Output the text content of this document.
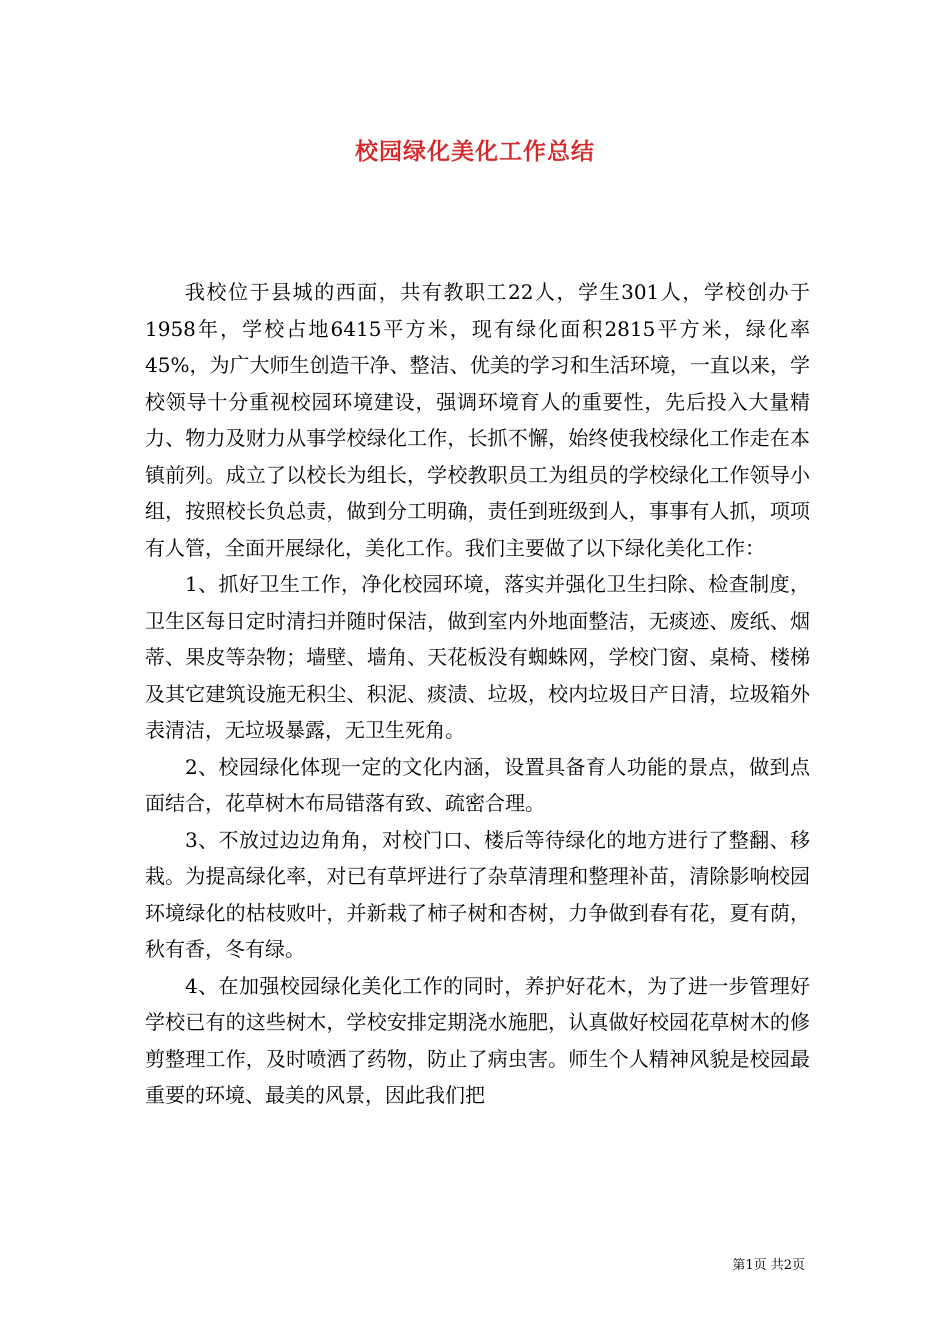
校园绿化美化工作总结

我校位于县城的西面，共有教职工22人，学生301人，学校创办于1958年，学校占地6415平方米，现有绿化面积2815平方米，绿化率45%，为广大师生创造干净、整洁、优美的学习和生活环境，一直以来，学校领导十分重视校园环境建设，强调环境育人的重要性，先后投入大量精力、物力及财力从事学校绿化工作，长抓不懈，始终使我校绿化工作走在本镇前列。成立了以校长为组长，学校教职员工为组员的学校绿化工作领导小组，按照校长负总责，做到分工明确，责任到班级到人，事事有人抓，项项有人管，全面开展绿化，美化工作。我们主要做了以下绿化美化工作：

1、抓好卫生工作，净化校园环境，落实并强化卫生扫除、检查制度，卫生区每日定时清扫并随时保洁，做到室内外地面整洁，无痰迹、废纸、烟蒂、果皮等杂物；墙壁、墙角、天花板没有蜘蛛网，学校门窗、桌椅、楼梯及其它建筑设施无积尘、积泥、痰渍、垃圾，校内垃圾日产日清，垃圾箱外表清洁，无垃圾暴露，无卫生死角。

2、校园绿化体现一定的文化内涵，设置具备育人功能的景点，做到点面结合，花草树木布局错落有致、疏密合理。

3、不放过边边角角，对校门口、楼后等待绿化的地方进行了整翻、移栽。为提高绿化率，对已有草坪进行了杂草清理和整理补苗，清除影响校园环境绿化的枯枝败叶，并新栽了柿子树和杏树，力争做到春有花，夏有荫，秋有香，冬有绿。

4、在加强校园绿化美化工作的同时，养护好花木，为了进一步管理好学校已有的这些树木，学校安排定期浇水施肥，认真做好校园花草树木的修剪整理工作，及时喷洒了药物，防止了病虫害。师生个人精神风貌是校园最重要的环境、最美的风景，因此我们把

第1页 共2页
